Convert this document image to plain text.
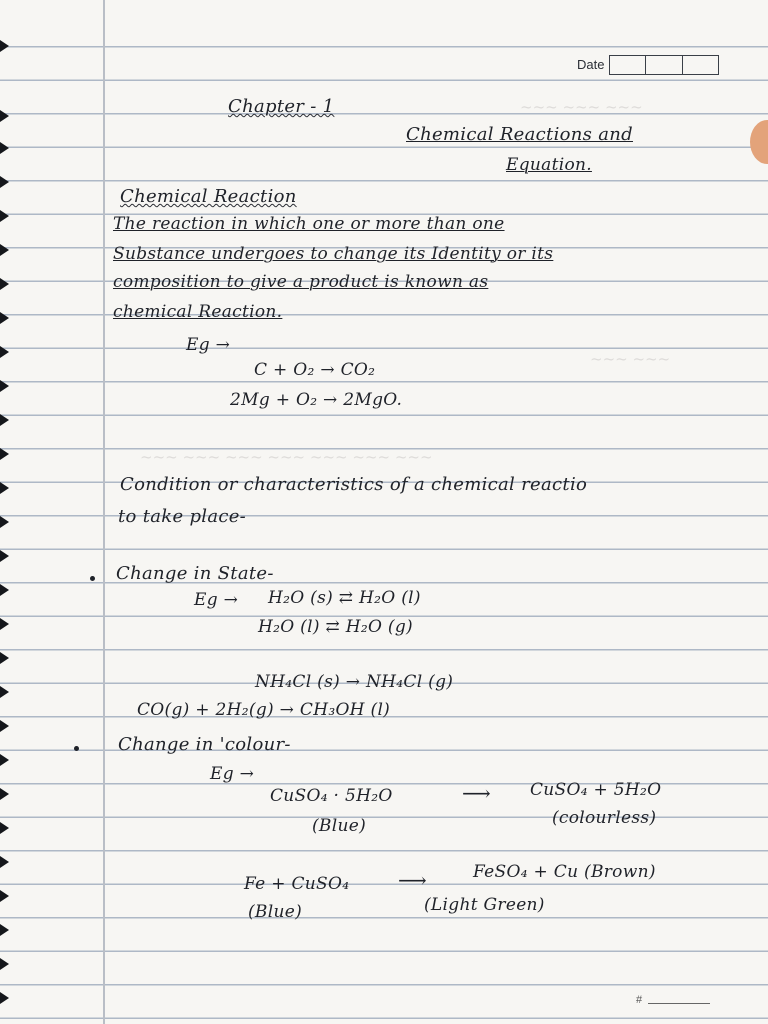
~~~ ~~~ ~~~
~~~ ~~~
~~~ ~~~ ~~~ ~~~ ~~~ ~~~ ~~~
Date
Chapter - 1
Chemical Reactions and
Equation.
Chemical Reaction
The reaction in which one or more than one
Substance undergoes to change its Identity or its
composition to give a product is known as
chemical Reaction.
Eg →
C + O₂ → CO₂
2Mg + O₂ → 2MgO.
Condition or characteristics of a chemical reactio
to take place-
Change in State-
Eg → H₂O (s) ⇄ H₂O (l)
H₂O (l) ⇄ H₂O (g)
NH₄Cl (s) → NH₄Cl (g)
CO(g) + 2H₂(g) → CH₃OH (l)
Change in 'colour-
Eg →
CuSO₄ · 5H₂O	⟶ CuSO₄ + 5H₂O
(Blue)	(colourless)
Fe + CuSO₄ ⟶	FeSO₄ + Cu (Brown)
(Blue)	(Light Green)
#
